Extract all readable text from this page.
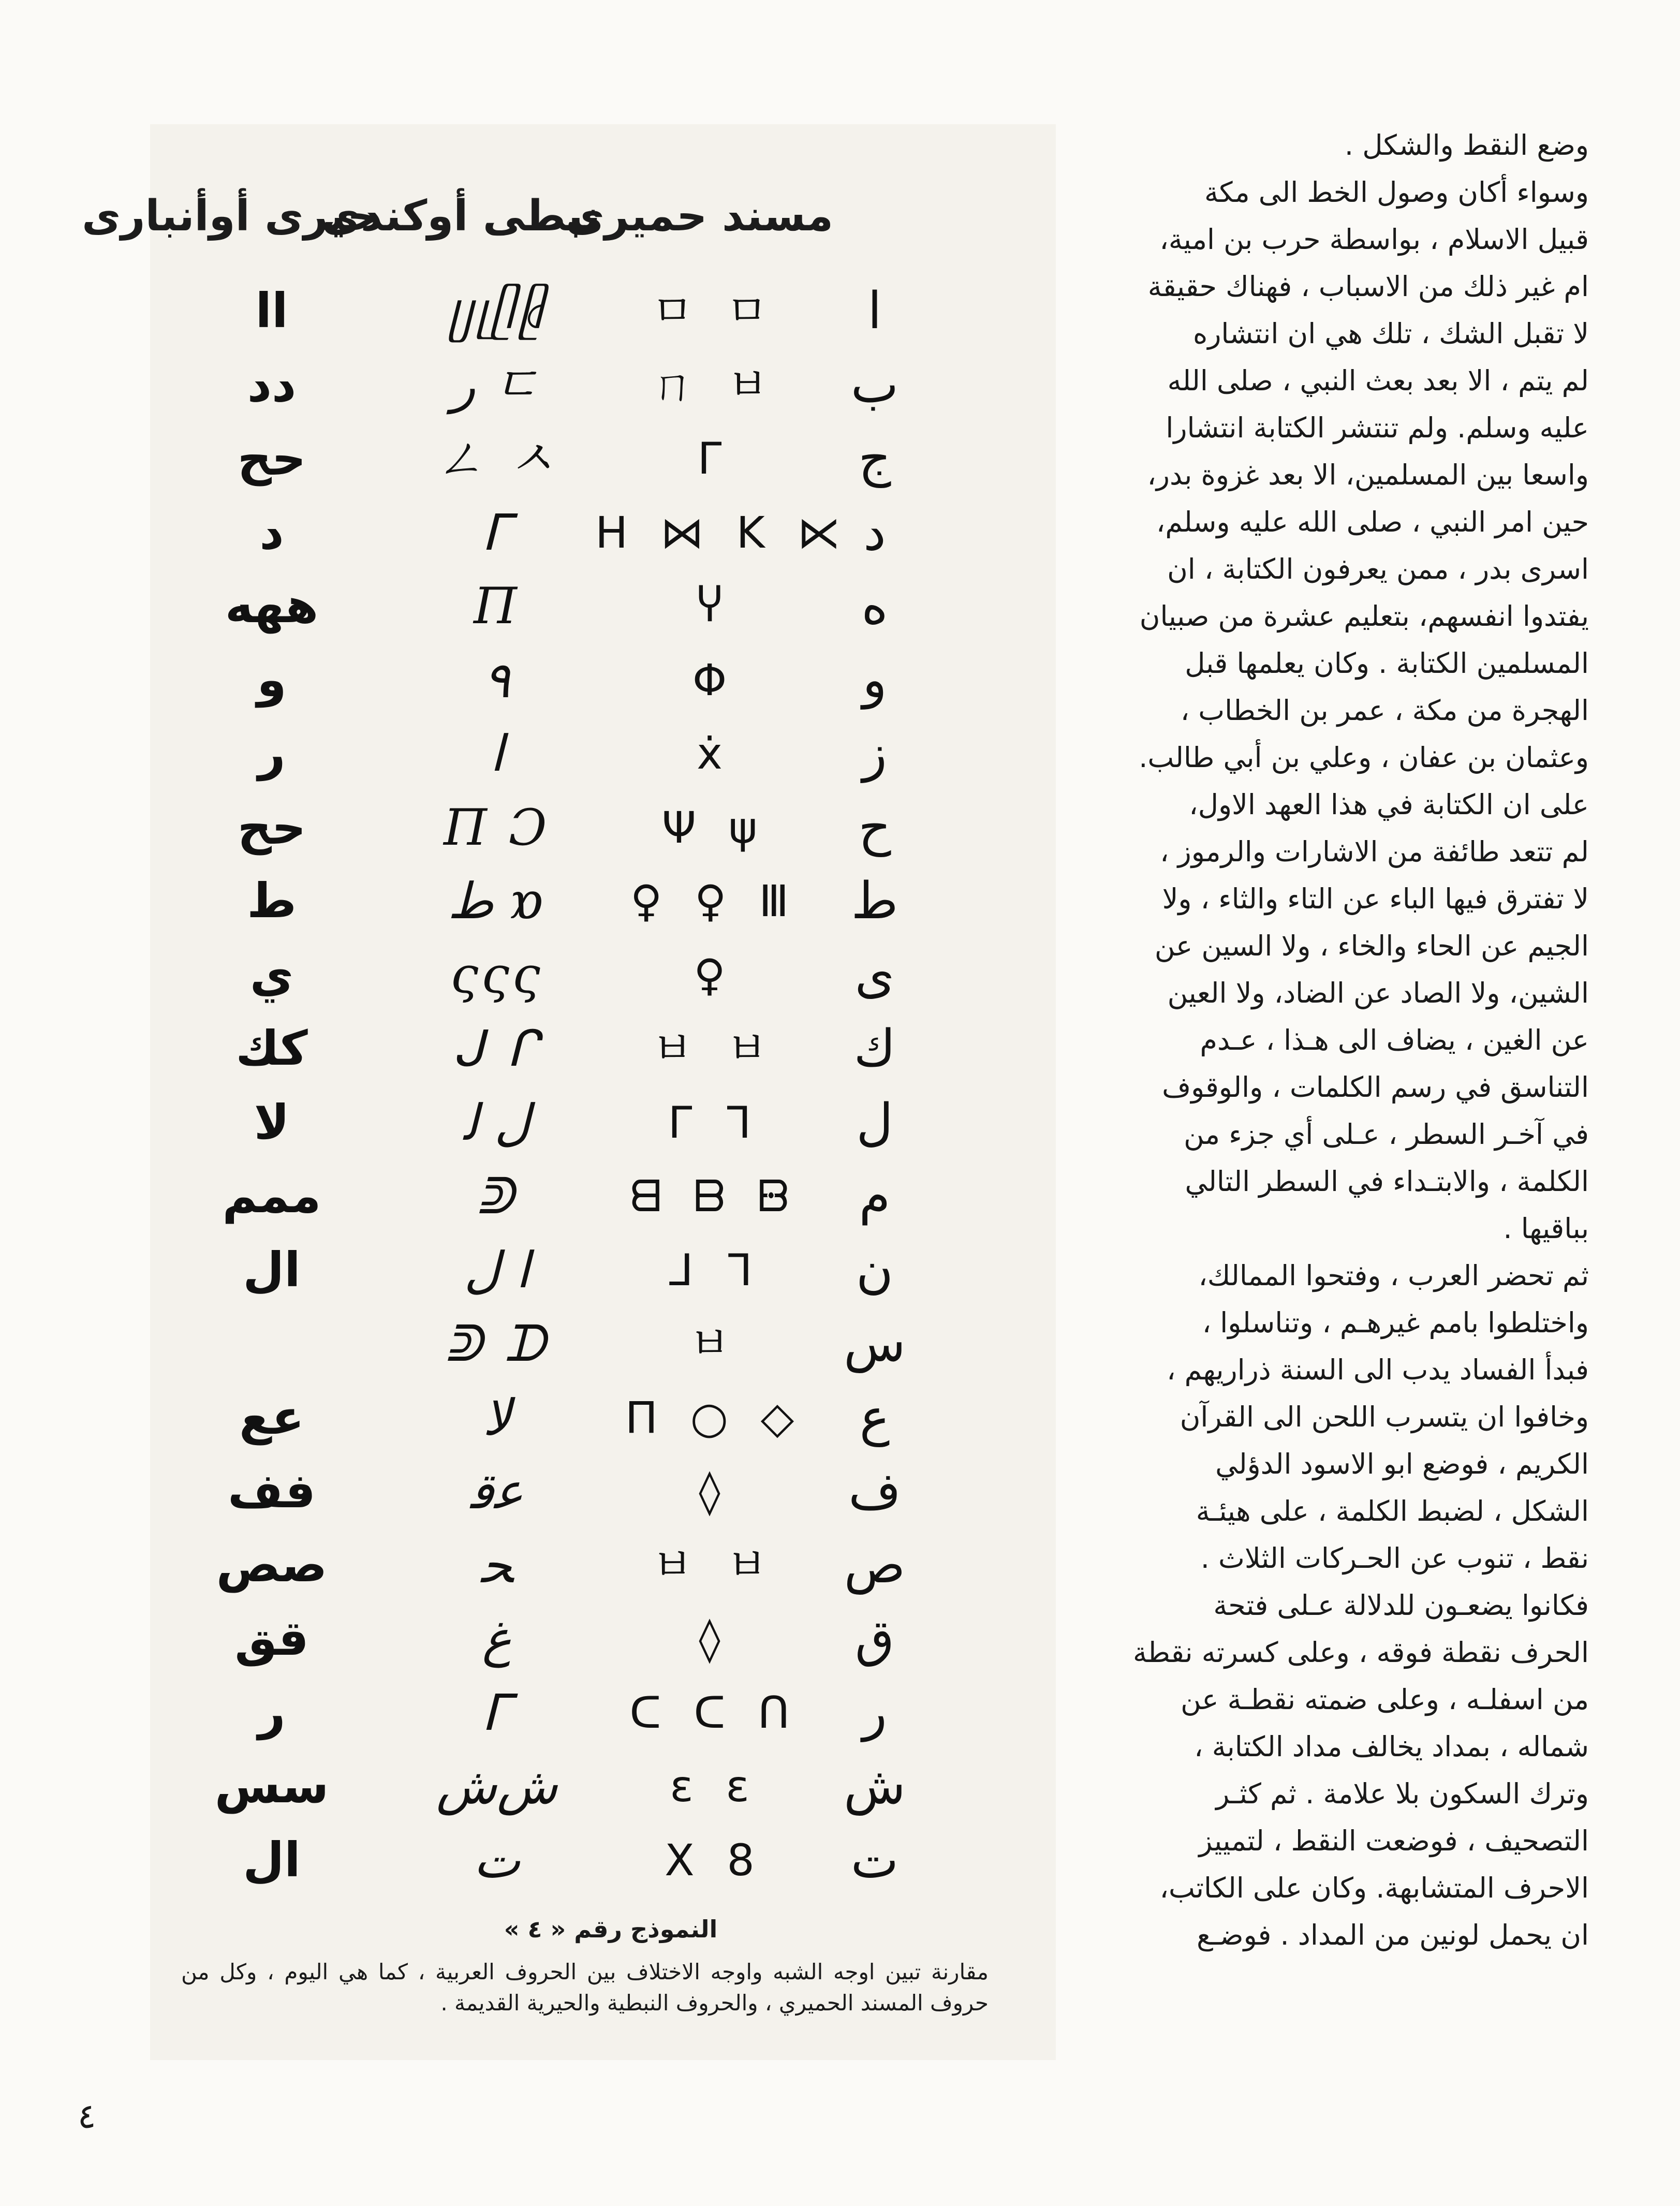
مسند حميرى
نبطى أوكندى
حيرى أوأنبارى
ا
ㅁ ㅁ
ᥩᥨᥫᥪ
اا
ب
ㄇ ㅂ
ﺭ ㄷ
دد
ج
ᒥ
ㄥ ㅅ
حح
د
H ⋈ K ⋉
ᒥ
د
ه
Ⴤ
Π
ههه
و
Φ
٩
و
ز
ẋ
ا
ر
ح
Ψ ψ
Π Ɔ
حح
ط
♀ ♀ Ⅲ
ط ɒ
ط
ى
♀
ςςς
ي
ك
ㅂ ㅂ
ᒍ ᒋ
كك
ل
ᒥ ᒣ
ﻝ ﻟ
لا
م
ᗺ ᗷ ᗹ
ᕲ
ممم
ن
ᒧ ᒣ
ا ل
ال
س
ㅂ
ᕲ ᗪ
ع
Π ○ ◇
ﻻ
عع
ف
◊
ﻋﻗ
فف
ص
ㅂ ㅂ
ﺤ
صص
ق
◊
ﻍ
قق
ر
ᑕ ᑕ ᑎ
ᒥ
ر
ش
ɛ ɛ
ﺵﺵ
سس
ت
X 8
ﺕ
ال
النموذج رقم « ٤ »
مقارنة تبين اوجه الشبه واوجه الاختلاف بين الحروف العربية ، كما هي اليوم ، وكل من حروف المسند الحميري ، والحروف النبطية والحيرية القديمة .
وضع النقط والشكل .
وسواء أكان وصول الخط الى مكة
قبيل الاسلام ، بواسطة حرب بن امية،
ام غير ذلك من الاسباب ، فهناك حقيقة
لا تقبل الشك ، تلك هي ان انتشاره
لم يتم ، الا بعد بعث النبي ، صلى الله
عليه وسلم. ولم تنتشر الكتابة انتشارا
واسعا بين المسلمين، الا بعد غزوة بدر،
حين امر النبي ، صلى الله عليه وسلم،
اسرى بدر ، ممن يعرفون الكتابة ، ان
يفتدوا انفسهم، بتعليم عشرة من صبيان
المسلمين الكتابة . وكان يعلمها قبل
الهجرة من مكة ، عمر بن الخطاب ،
وعثمان بن عفان ، وعلي بن أبي طالب.
على ان الكتابة في هذا العهد الاول،
لم تتعد طائفة من الاشارات والرموز ،
لا تفترق فيها الباء عن التاء والثاء ، ولا
الجيم عن الحاء والخاء ، ولا السين عن
الشين، ولا الصاد عن الضاد، ولا العين
عن الغين ، يضاف الى هـذا ، عـدم
التناسق في رسم الكلمات ، والوقوف
في آخـر السطر ، عـلى أي جزء من
الكلمة ، والابتـداء في السطر التالي
بباقيها .
ثم تحضر العرب ، وفتحوا الممالك،
واختلطوا بامم غيرهـم ، وتناسلوا ،
فبدأ الفساد يدب الى السنة ذراريهم ،
وخافوا ان يتسرب اللحن الى القرآن
الكريم ، فوضع ابو الاسود الدؤلي
الشكل ، لضبط الكلمة ، على هيئـة
نقط ، تنوب عن الحـركات الثلاث .
فكانوا يضعـون للدلالة عـلى فتحة
الحرف نقطة فوقه ، وعلى كسرته نقطة
من اسفلـه ، وعلى ضمته نقطـة عن
شماله ، بمداد يخالف مداد الكتابة ،
وترك السكون بلا علامة . ثم كثـر
التصحيف ، فوضعت النقط ، لتمييز
الاحرف المتشابهة. وكان على الكاتب،
ان يحمل لونين من المداد . فوضـع
٤
